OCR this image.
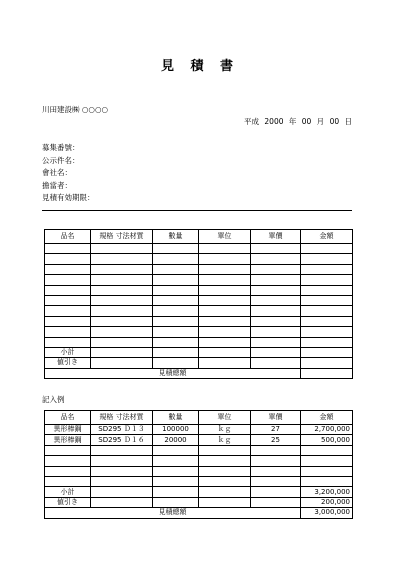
見 積 書
川田建設㈱ ○○○○
平成 2000 年 00 月 00 日
募集番號：
公示件名：
會社名：
擔當者：
見積有効期限：
品名	規格 寸法材質	數量	單位	單價	金額

小計					
値引き					
見積總額					
記入例
品名	規格 寸法材質	數量	單位	單價	金額
異形棒鋼	SD295 Ｄ１３	100000	ｋｇ	27	2,700,000
異形棒鋼	SD295 Ｄ１６	20000	ｋｇ	25	500,000

小計					3,200,000
値引き					200,000
見積總額					3,000,000
